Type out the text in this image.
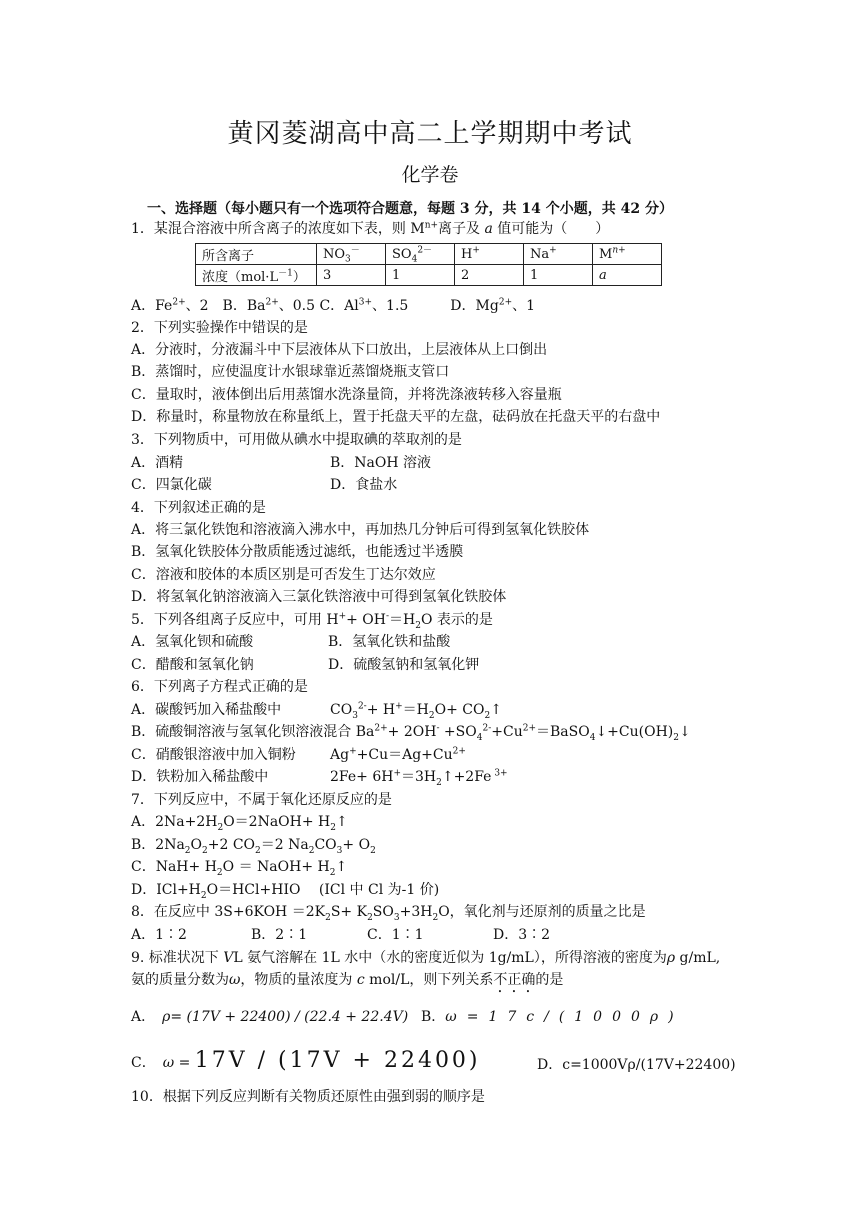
黄冈菱湖高中高二上学期期中考试
化学卷
一、选择题（每小题只有一个选项符合题意，每题 3 分，共 14 个小题，共 42 分）
1．某混合溶液中所含离子的浓度如下表，则 $M^{n+}$离子及 a 值可能为（　　）
所含离子	$NO_3^-$	$SO_4^{2-}$	H+	Na+	$M^{n+}$
浓度$(mol\cdot L^{-1})$	3	1	2	1	a
A．$Fe^{2+}$、2　B．$Ba^{2+}$、0.5 C．$Al^{3+}$、1.5　　　D．$Mg^{2+}$、1
2．下列实验操作中错误的是
A．分液时，分液漏斗中下层液体从下口放出，上层液体从上口倒出
B．蒸馏时，应使温度计水银球靠近蒸馏烧瓶支管口
C．量取时，液体倒出后用蒸馏水洗涤量筒，并将洗涤液转移入容量瓶
D．称量时，称量物放在称量纸上，置于托盘天平的左盘，砝码放在托盘天平的右盘中
3．下列物质中，可用做从碘水中提取碘的萃取剂的是
A．酒精	B．NaOH 溶液
C．四氯化碳	D．食盐水
4．下列叙述正确的是
A．将三氯化铁饱和溶液滴入沸水中，再加热几分钟后可得到氢氧化铁胶体
B．氢氧化铁胶体分散质能透过滤纸，也能透过半透膜
C．溶液和胶体的本质区别是可否发生丁达尔效应
D．将氢氧化钠溶液滴入三氯化铁溶液中可得到氢氧化铁胶体
5．下列各组离子反应中，可用 $H^++ OH^-=H_2O$ 表示的是
A．氢氧化钡和硫酸	B．氢氧化铁和盐酸
C．醋酸和氢氧化钠	D．硫酸氢钠和氢氧化钾
6．下列离子方程式正确的是
A．碳酸钙加入稀盐酸中	$CO_3^{2-}+ H^+=H_2O+$ $CO_2↑$
B．硫酸铜溶液与氢氧化钡溶液混合 $Ba^{2+}+ 2OH^-$ $+SO_4^{2-}+Cu^{2+}=BaSO_4↓+Cu(OH)_2↓$
C．硝酸银溶液中加入铜粉 $Ag^++Cu=Ag+Cu^{2+}$
D．铁粉加入稀盐酸中	$2Fe+ 6H^+=3H_2↑+2Fe$ $^{3+}$
7．下列反应中，不属于氧化还原反应的是
A．$2Na+2H_2O=2NaOH+$ $H_2↑$
B．$2Na_2O_2+2$ $CO_2=2$ $Na_2CO_3+ O_2$
C．$NaH+ H_2O$ ＝ NaOH+ $H_2↑$
D．$ICl+H_2O=HCl+HIO$　 (ICl 中 Cl 为-1 价)
8．在反应中 $3S+6KOH =2K_2S+ K_2SO_3+3H_2O$，氧化剂与还原剂的质量之比是
A．1∶2	B．2∶1	C．1∶1	D．3∶2
9. 标准状况下 VL 氨气溶解在 1L 水中（水的密度近似为 1g/mL），所得溶液的密度为ρ g/mL,
氨的质量分数为ω，物质的量浓度为 c mol/L，则下列关系不正确的是
A．　 ρ= (17V + 22400) / (22.4 + 22.4V) B．ω=17c/(1000ρ)
C．　 ω = 17V / (17V + 22400)	D．c=1000Vρ/(17V+22400)
10．根据下列反应判断有关物质还原性由强到弱的顺序是
